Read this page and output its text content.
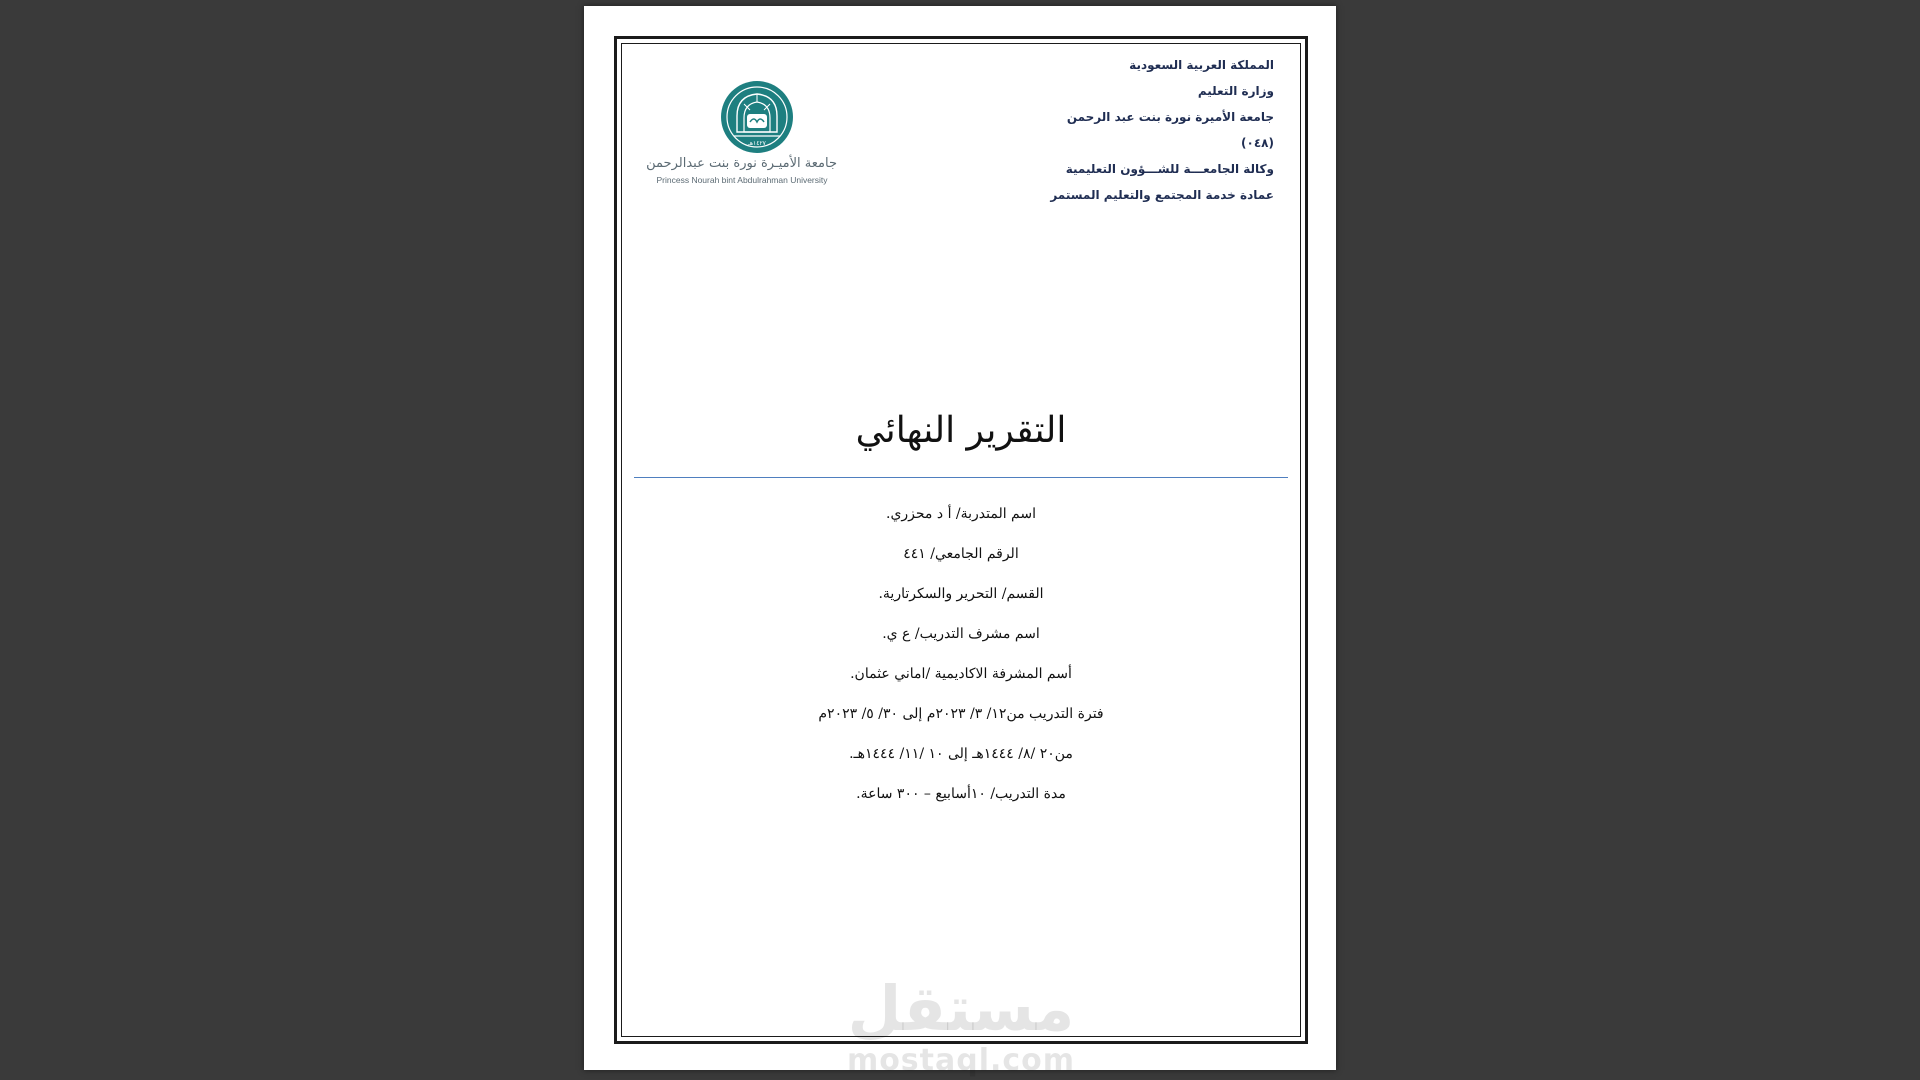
المملكة العربية السعودية
وزارة التعليم
جامعة الأميرة نورة بنت عبد الرحمن
(٠٤٨)
وكالة الجامعـــة للشـــؤون التعليمية
عمادة خدمة المجتمع والتعليم المستمر
١٤٢٧هـ
جامعة الأميـرة نورة بنت عبدالرحمن
Princess Nourah bint Abdulrahman University
التقرير النهائي
اسم المتدربة/ أ د محزري.
الرقم الجامعي/ ٤٤١
القسم/ التحرير والسكرتارية.
اسم مشرف التدريب/ ع ي.
أسم المشرفة الاكاديمية /اماني عثمان.
فترة التدريب من١٢/ ٣/ ٢٠٢٣م إلى ٣٠/ ٥/ ٢٠٢٣م
من٢٠ /٨/ ١٤٤٤هـ إلى ١٠ /١١/ ١٤٤٤هـ.
مدة التدريب/ ١٠أسابيع – ٣٠٠ ساعة.
مستقل
mostaql.com
